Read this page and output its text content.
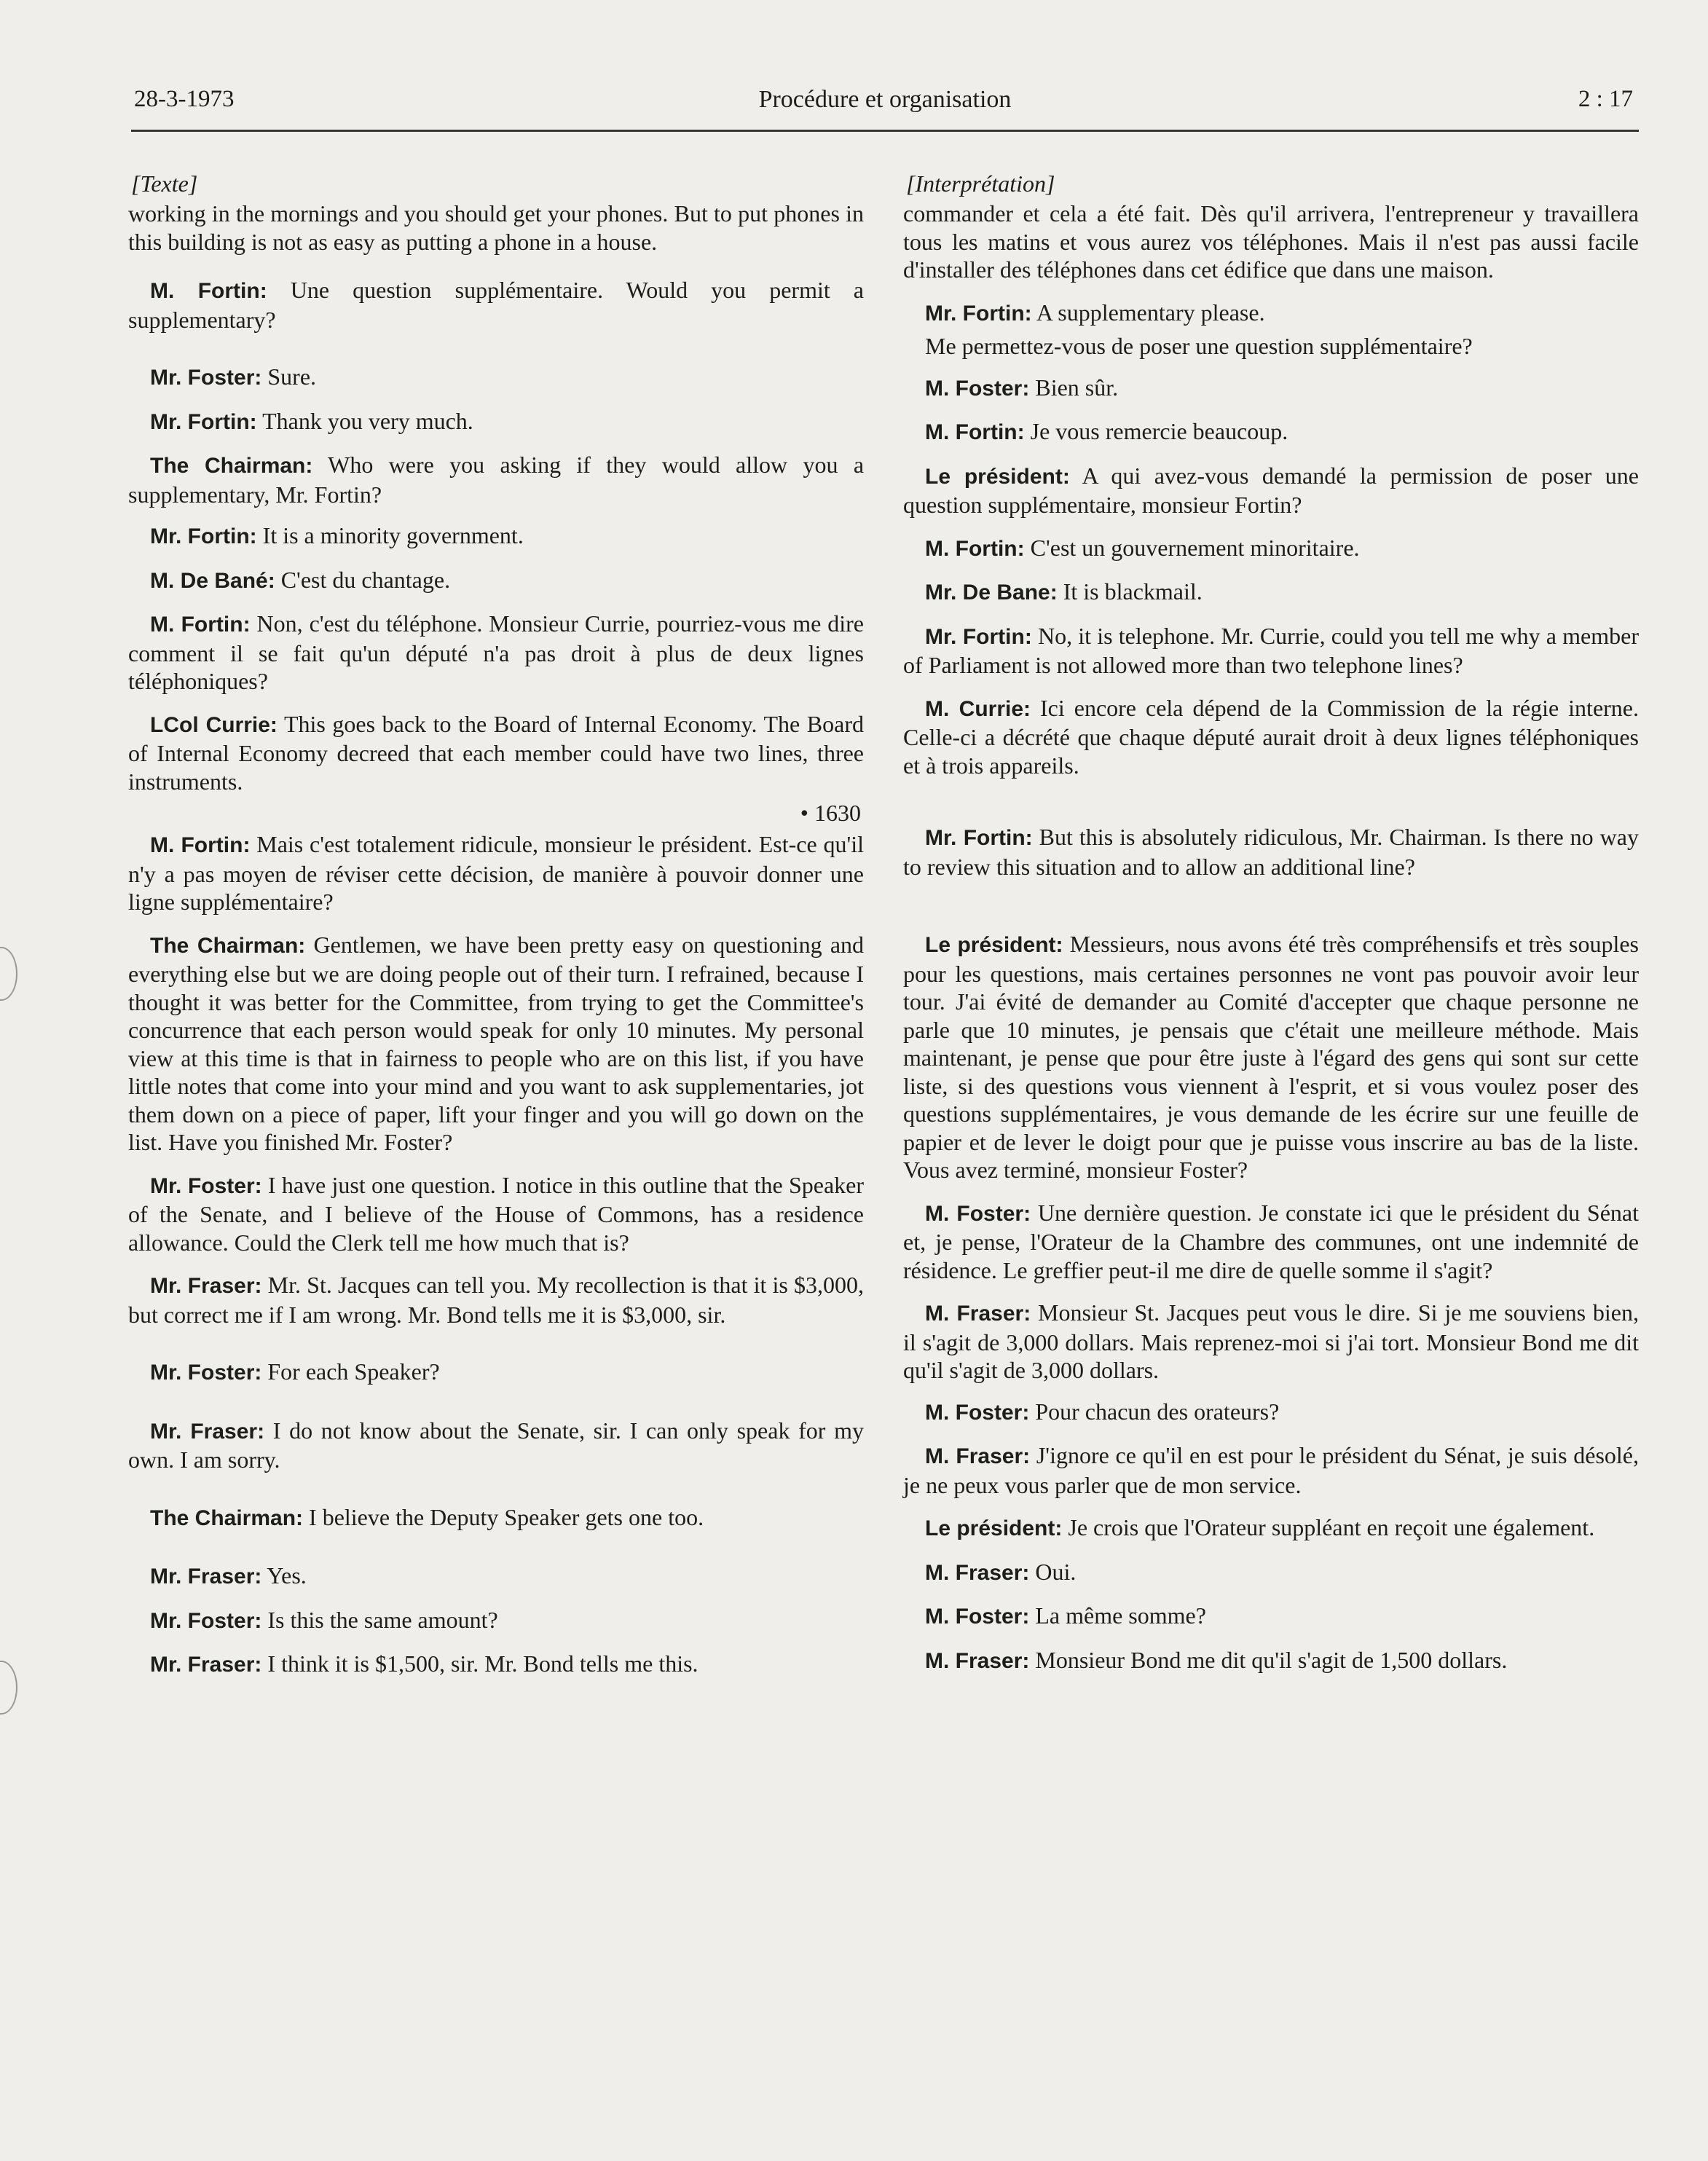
28-3-1973	Procédure et organisation	2 : 17
[Texte]

working in the mornings and you should get your phones. But to put phones in this building is not as easy as putting a phone in a house.

M. Fortin: Une question supplémentaire. Would you permit a supplementary?

Mr. Foster: Sure.

Mr. Fortin: Thank you very much.

The Chairman: Who were you asking if they would allow you a supplementary, Mr. Fortin?

Mr. Fortin: It is a minority government.

M. De Bané: C'est du chantage.

M. Fortin: Non, c'est du téléphone. Monsieur Currie, pourriez-vous me dire comment il se fait qu'un député n'a pas droit à plus de deux lignes téléphoniques?

LCol Currie: This goes back to the Board of Internal Economy. The Board of Internal Economy decreed that each member could have two lines, three instruments.

• 1630

M. Fortin: Mais c'est totalement ridicule, monsieur le président. Est-ce qu'il n'y a pas moyen de réviser cette décision, de manière à pouvoir donner une ligne supplémentaire?

The Chairman: Gentlemen, we have been pretty easy on questioning and everything else but we are doing people out of their turn. I refrained, because I thought it was better for the Committee, from trying to get the Committee's concurrence that each person would speak for only 10 minutes. My personal view at this time is that in fairness to people who are on this list, if you have little notes that come into your mind and you want to ask supplementaries, jot them down on a piece of paper, lift your finger and you will go down on the list. Have you finished Mr. Foster?

Mr. Foster: I have just one question. I notice in this outline that the Speaker of the Senate, and I believe of the House of Commons, has a residence allowance. Could the Clerk tell me how much that is?

Mr. Fraser: Mr. St. Jacques can tell you. My recollection is that it is $3,000, but correct me if I am wrong. Mr. Bond tells me it is $3,000, sir.

Mr. Foster: For each Speaker?

Mr. Fraser: I do not know about the Senate, sir. I can only speak for my own. I am sorry.

The Chairman: I believe the Deputy Speaker gets one too.

Mr. Fraser: Yes.

Mr. Foster: Is this the same amount?

Mr. Fraser: I think it is $1,500, sir. Mr. Bond tells me this.

[Interprétation]

commander et cela a été fait. Dès qu'il arrivera, l'entrepreneur y travaillera tous les matins et vous aurez vos téléphones. Mais il n'est pas aussi facile d'installer des téléphones dans cet édifice que dans une maison.

Mr. Fortin: A supplementary please.

Me permettez-vous de poser une question supplémentaire?

M. Foster: Bien sûr.

M. Fortin: Je vous remercie beaucoup.

Le président: A qui avez-vous demandé la permission de poser une question supplémentaire, monsieur Fortin?

M. Fortin: C'est un gouvernement minoritaire.

Mr. De Bane: It is blackmail.

Mr. Fortin: No, it is telephone. Mr. Currie, could you tell me why a member of Parliament is not allowed more than two telephone lines?

M. Currie: Ici encore cela dépend de la Commission de la régie interne. Celle-ci a décrété que chaque député aurait droit à deux lignes téléphoniques et à trois appareils.

Mr. Fortin: But this is absolutely ridiculous, Mr. Chairman. Is there no way to review this situation and to allow an additional line?

Le président: Messieurs, nous avons été très compréhensifs et très souples pour les questions, mais certaines personnes ne vont pas pouvoir avoir leur tour. J'ai évité de demander au Comité d'accepter que chaque personne ne parle que 10 minutes, je pensais que c'était une meilleure méthode. Mais maintenant, je pense que pour être juste à l'égard des gens qui sont sur cette liste, si des questions vous viennent à l'esprit, et si vous voulez poser des questions supplémentaires, je vous demande de les écrire sur une feuille de papier et de lever le doigt pour que je puisse vous inscrire au bas de la liste. Vous avez terminé, monsieur Foster?

M. Foster: Une dernière question. Je constate ici que le président du Sénat et, je pense, l'Orateur de la Chambre des communes, ont une indemnité de résidence. Le greffier peut-il me dire de quelle somme il s'agit?

M. Fraser: Monsieur St. Jacques peut vous le dire. Si je me souviens bien, il s'agit de 3,000 dollars. Mais reprenez-moi si j'ai tort. Monsieur Bond me dit qu'il s'agit de 3,000 dollars.

M. Foster: Pour chacun des orateurs?

M. Fraser: J'ignore ce qu'il en est pour le président du Sénat, je suis désolé, je ne peux vous parler que de mon service.

Le président: Je crois que l'Orateur suppléant en reçoit une également.

M. Fraser: Oui.

M. Foster: La même somme?

M. Fraser: Monsieur Bond me dit qu'il s'agit de 1,500 dollars.
